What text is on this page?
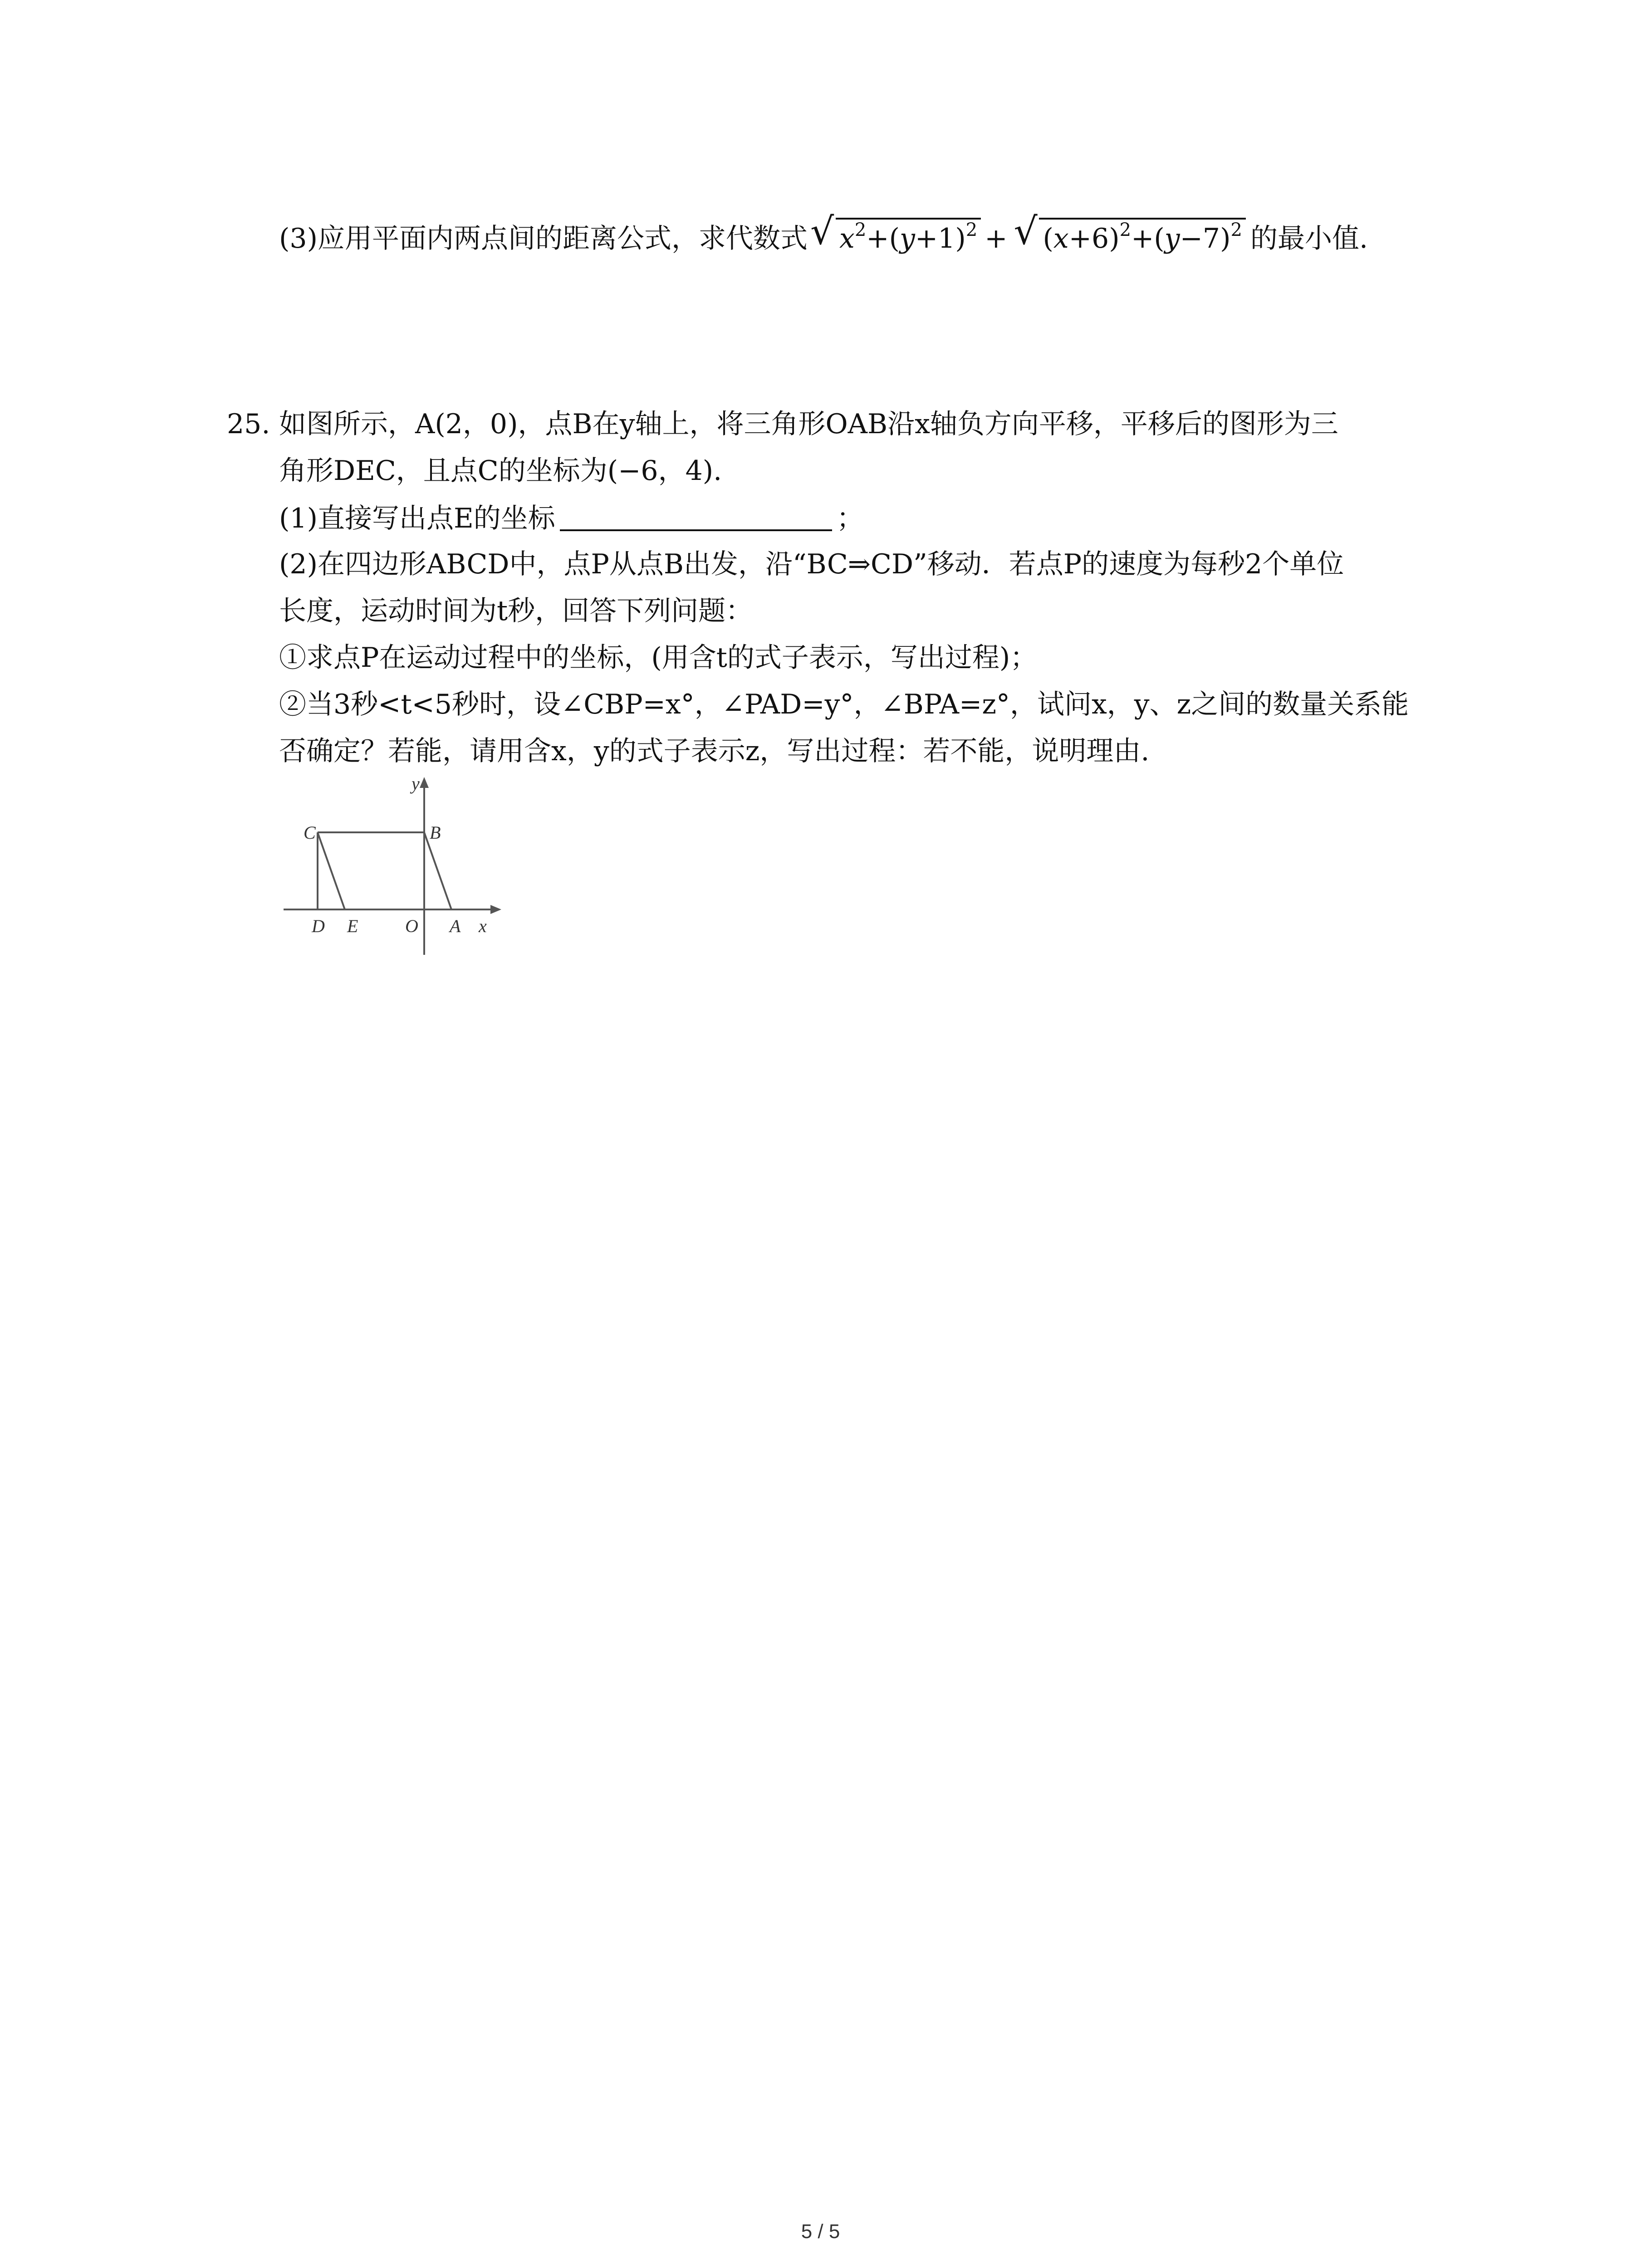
(3)应用平面内两点间的距离公式，求代数式 √ $x^2+(y+1)^2$ + √ $(x+6)^2+(y-7)^2$ 的最小值.
25. 如图所示，A(2，0)，点B在y轴上，将三角形OAB沿x轴负方向平移，平移后的图形为三
角形DEC，且点C的坐标为(−6，4).
(1)直接写出点E的坐标	；
(2)在四边形ABCD中，点P从点B出发，沿“BC⇒CD”移动．若点P的速度为每秒2个单位
长度，运动时间为t秒，回答下列问题：
①求点P在运动过程中的坐标，(用含t的式子表示，写出过程)；
②当3秒<t<5秒时，设∠CBP=x°，∠PAD=y°，∠BPA=z°，试问x，y、z之间的数量关系能
否确定？若能，请用含x，y的式子表示z，写出过程：若不能，说明理由.
y
C	B
D E	O A x
5 / 5
